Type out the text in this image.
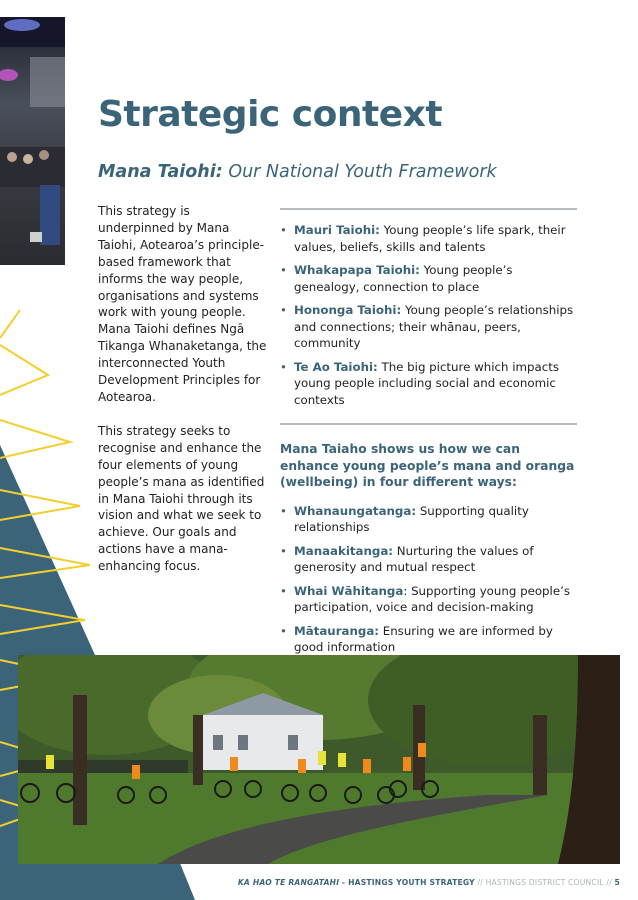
Strategic context
Mana Taiohi: Our National Youth Framework

This strategy is underpinned by Mana Taiohi, Aotearoa’s principle-based framework that informs the way people, organisations and systems work with young people. Mana Taiohi defines Ngā Tikanga Whanaketanga, the interconnected Youth Development Principles for Aotearoa.

This strategy seeks to recognise and enhance the four elements of young people’s mana as identified in Mana Taiohi through its vision and what we seek to achieve. Our goals and actions have a mana-enhancing focus.

• Mauri Taiohi: Young people’s life spark, their values, beliefs, skills and talents
• Whakapapa Taiohi: Young people’s genealogy, connection to place
• Hononga Taiohi: Young people’s relationships and connections; their whānau, peers, community
• Te Ao Taiohi: The big picture which impacts young people including social and economic contexts
Mana Taiaho shows us how we can enhance young people’s mana and oranga (wellbeing) in four different ways:
• Whanaungatanga: Supporting quality relationships
• Manaakitanga: Nurturing the values of generosity and mutual respect
• Whai Wāhitanga: Supporting young people’s participation, voice and decision-making
• Mātauranga: Ensuring we are informed by good information
KA HAO TE RANGATAHI - HASTINGS YOUTH STRATEGY // HASTINGS DISTRICT COUNCIL // 5
